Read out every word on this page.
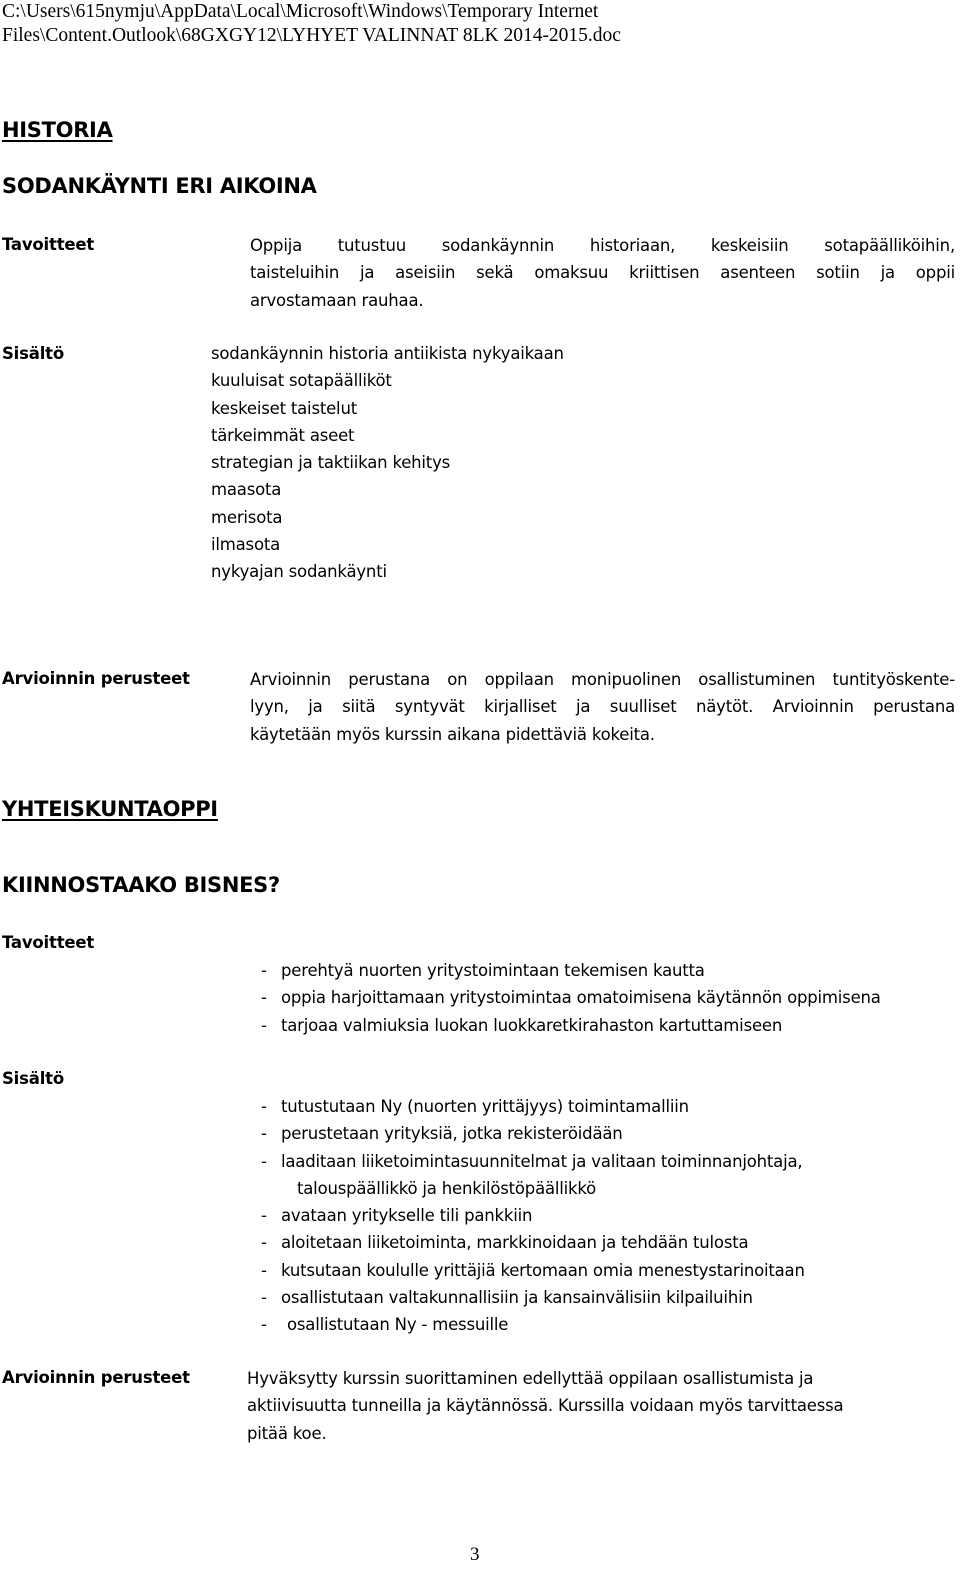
C:\Users\615nymju\AppData\Local\Microsoft\Windows\Temporary Internet
Files\Content.Outlook\68GXGY12\LYHYET VALINNAT 8LK 2014-2015.doc
HISTORIA
SODANKÄYNTI ERI AIKOINA
Tavoitteet	Oppija tutustuu sodankäynnin historiaan, keskeisiin sotapäälliköihin,
taisteluihin ja aseisiin sekä omaksuu kriittisen asenteen sotiin ja oppii
arvostamaan rauhaa.
Sisältö	sodankäynnin historia antiikista nykyaikaan
kuuluisat sotapäälliköt
keskeiset taistelut
tärkeimmät aseet
strategian ja taktiikan kehitys
maasota
merisota
ilmasota
nykyajan sodankäynti
Arvioinnin perusteet	Arvioinnin perustana on oppilaan monipuolinen osallistuminen tuntityöskente-
lyyn, ja siitä syntyvät kirjalliset ja suulliset näytöt. Arvioinnin perustana
käytetään myös kurssin aikana pidettäviä kokeita.
YHTEISKUNTAOPPI
KIINNOSTAAKO BISNES?
Tavoitteet
- perehtyä nuorten yritystoimintaan tekemisen kautta
- oppia harjoittamaan yritystoimintaa omatoimisena käytännön oppimisena
- tarjoaa valmiuksia luokan luokkaretkirahaston kartuttamiseen
Sisältö
- tutustutaan Ny (nuorten yrittäjyys) toimintamalliin
- perustetaan yrityksiä, jotka rekisteröidään
- laaditaan liiketoimintasuunnitelmat ja valitaan toiminnanjohtaja,
talouspäällikkö ja henkilöstöpäällikkö
- avataan yritykselle tili pankkiin
- aloitetaan liiketoiminta, markkinoidaan ja tehdään tulosta
- kutsutaan koululle yrittäjiä kertomaan omia menestystarinoitaan
- osallistutaan valtakunnallisiin ja kansainvälisiin kilpailuihin
- osallistutaan Ny - messuille
Arvioinnin perusteet	Hyväksytty kurssin suorittaminen edellyttää oppilaan osallistumista ja
aktiivisuutta tunneilla ja käytännössä. Kurssilla voidaan myös tarvittaessa
pitää koe.
3
